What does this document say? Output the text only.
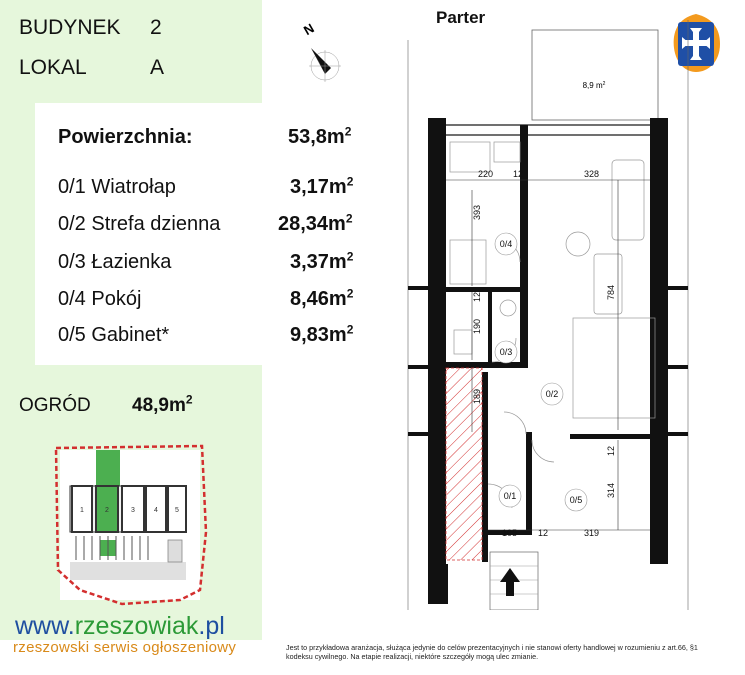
BUDYNEK 2
LOKAL	A
Powierzchnia:	$53,8m^2$
0/1 Wiatrołap	$3,17m^2$
0/2 Strefa dzienna	$28,34m^2$
0/3 Łazienka	$3,37m^2$
0/4 Pokój	$8,46m^2$
0/5 Gabinet*	$9,83m^2$
OGRÓD $48,9m^2$
1	2	3	4 5
www.rzeszowiak.pl
rzeszowski serwis ogłoszeniowy
N
Parter
8,9 $m^2$
220 12	328
393
784
12
190
189
12
314
105 12	319
0/4
0/3
0/2
0/1	0/5
Jest to przykładowa aranżacja, służąca jedynie do celów prezentacyjnych i nie stanowi oferty handlowej w rozumieniu z art.66, §1 kodeksu cywilnego. Na etapie realizacji, niektóre szczegóły mogą ulec zmianie.
